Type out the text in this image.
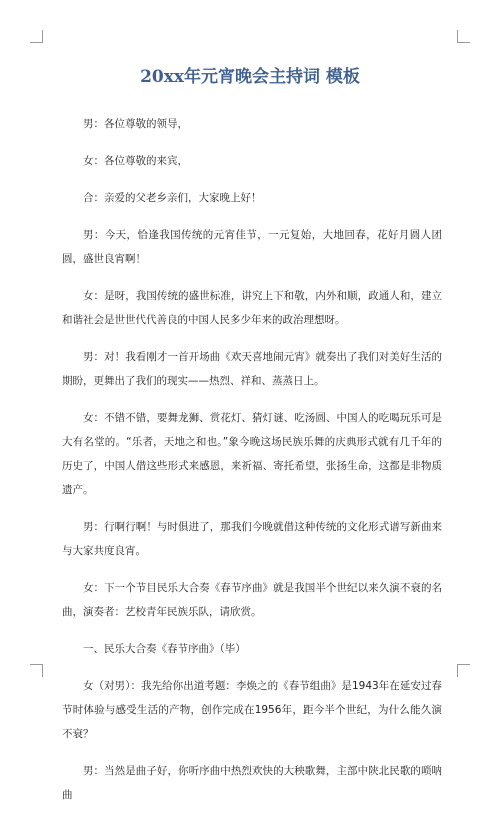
20xx年元宵晚会主持词 模板

男：各位尊敬的领导，

女：各位尊敬的来宾，

合：亲爱的父老乡亲们，大家晚上好！

男：今天，恰逢我国传统的元宵佳节，一元复始，大地回春，花好月圆人团圆，盛世良宵啊！

女：是呀，我国传统的盛世标准，讲究上下和敬，内外和顺，政通人和，建立和谐社会是世世代代善良的中国人民多少年来的政治理想呀。

男：对！我看刚才一首开场曲《欢天喜地闹元宵》就奏出了我们对美好生活的期盼，更舞出了我们的现实——热烈、祥和、蒸蒸日上。

女：不错不错，要舞龙狮、赏花灯、猜灯谜、吃汤圆、中国人的吃喝玩乐可是大有名堂的。“乐者，天地之和也。”象今晚这场民族乐舞的庆典形式就有几千年的历史了，中国人借这些形式来感恩，来祈福、寄托希望，张扬生命，这都是非物质遗产。

男：行啊行啊！与时俱进了，那我们今晚就借这种传统的文化形式谱写新曲来与大家共度良宵。

女：下一个节目民乐大合奏《春节序曲》就是我国半个世纪以来久演不衰的名曲，演奏者：艺校青年民族乐队，请欣赏。

一、民乐大合奏《春节序曲》（毕）

女（对男）：我先给你出道考题：李焕之的《春节组曲》是1943年在延安过春节时体验与感受生活的产物，创作完成在1956年，距今半个世纪，为什么能久演不衰？

男：当然是曲子好，你听序曲中热烈欢快的大秧歌舞，主部中陕北民歌的唢呐曲
